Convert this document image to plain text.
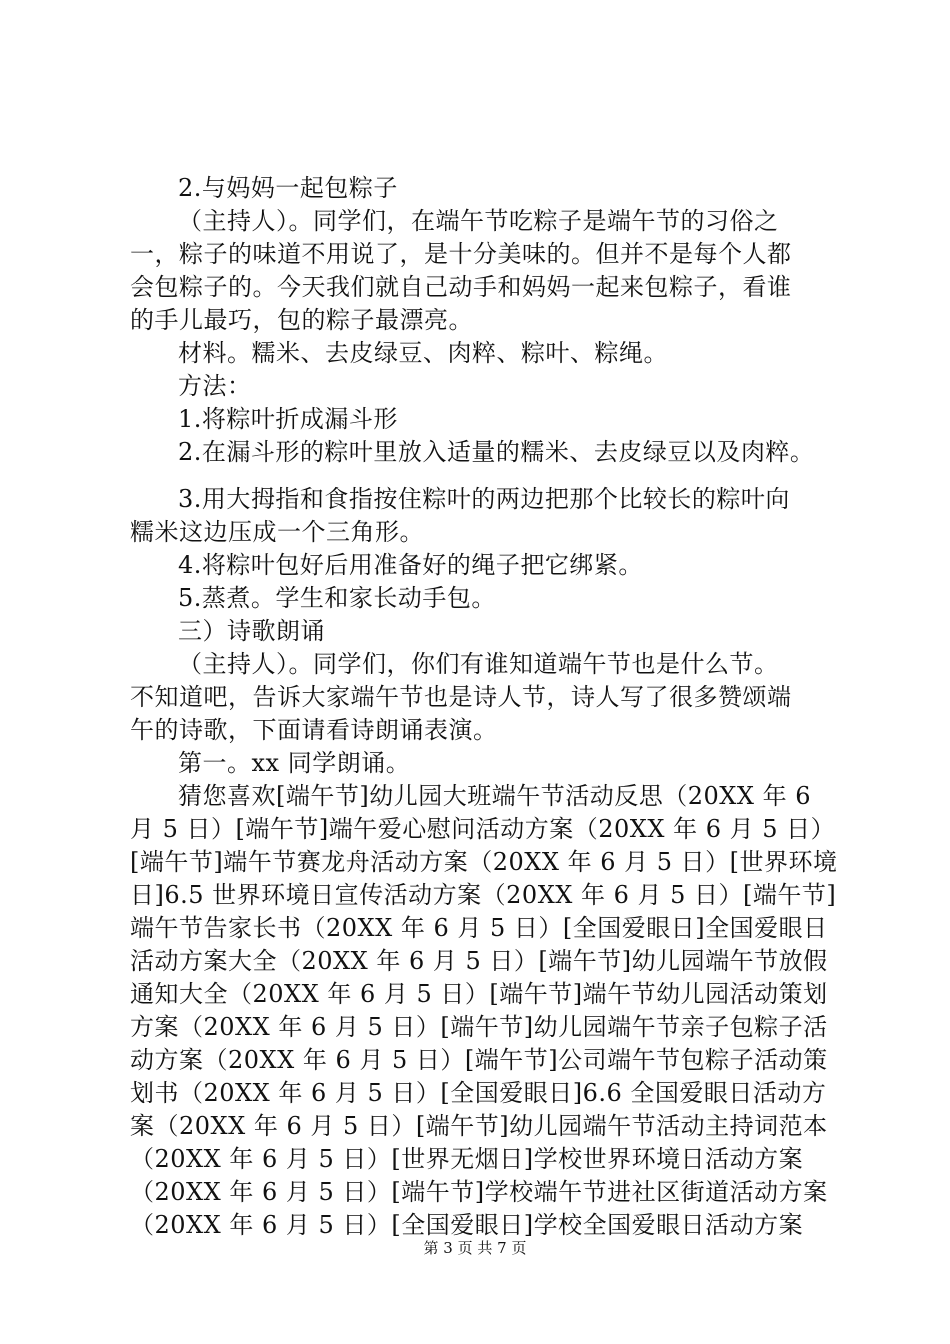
2.与妈妈一起包粽子
（主持人）。同学们，在端午节吃粽子是端午节的习俗之
一，粽子的味道不用说了，是十分美味的。但并不是每个人都
会包粽子的。今天我们就自己动手和妈妈一起来包粽子，看谁
的手儿最巧，包的粽子最漂亮。
材料。糯米、去皮绿豆、肉粹、粽叶、粽绳。
方法：
1.将粽叶折成漏斗形
2.在漏斗形的粽叶里放入适量的糯米、去皮绿豆以及肉粹。
3.用大拇指和食指按住粽叶的两边把那个比较长的粽叶向
糯米这边压成一个三角形。
4.将粽叶包好后用准备好的绳子把它绑紧。
5.蒸煮。学生和家长动手包。
三）诗歌朗诵
（主持人）。同学们，你们有谁知道端午节也是什么节。
不知道吧，告诉大家端午节也是诗人节，诗人写了很多赞颂端
午的诗歌，下面请看诗朗诵表演。
第一。xx 同学朗诵。
猜您喜欢[端午节]幼儿园大班端午节活动反思（20XX 年 6
月 5 日）[端午节]端午爱心慰问活动方案（20XX 年 6 月 5 日）
[端午节]端午节赛龙舟活动方案（20XX 年 6 月 5 日）[世界环境
日]6.5 世界环境日宣传活动方案（20XX 年 6 月 5 日）[端午节]
端午节告家长书（20XX 年 6 月 5 日）[全国爱眼日]全国爱眼日
活动方案大全（20XX 年 6 月 5 日）[端午节]幼儿园端午节放假
通知大全（20XX 年 6 月 5 日）[端午节]端午节幼儿园活动策划
方案（20XX 年 6 月 5 日）[端午节]幼儿园端午节亲子包粽子活
动方案（20XX 年 6 月 5 日）[端午节]公司端午节包粽子活动策
划书（20XX 年 6 月 5 日）[全国爱眼日]6.6 全国爱眼日活动方
案（20XX 年 6 月 5 日）[端午节]幼儿园端午节活动主持词范本
（20XX 年 6 月 5 日）[世界无烟日]学校世界环境日活动方案
（20XX 年 6 月 5 日）[端午节]学校端午节进社区街道活动方案
（20XX 年 6 月 5 日）[全国爱眼日]学校全国爱眼日活动方案
第 3 页 共 7 页
